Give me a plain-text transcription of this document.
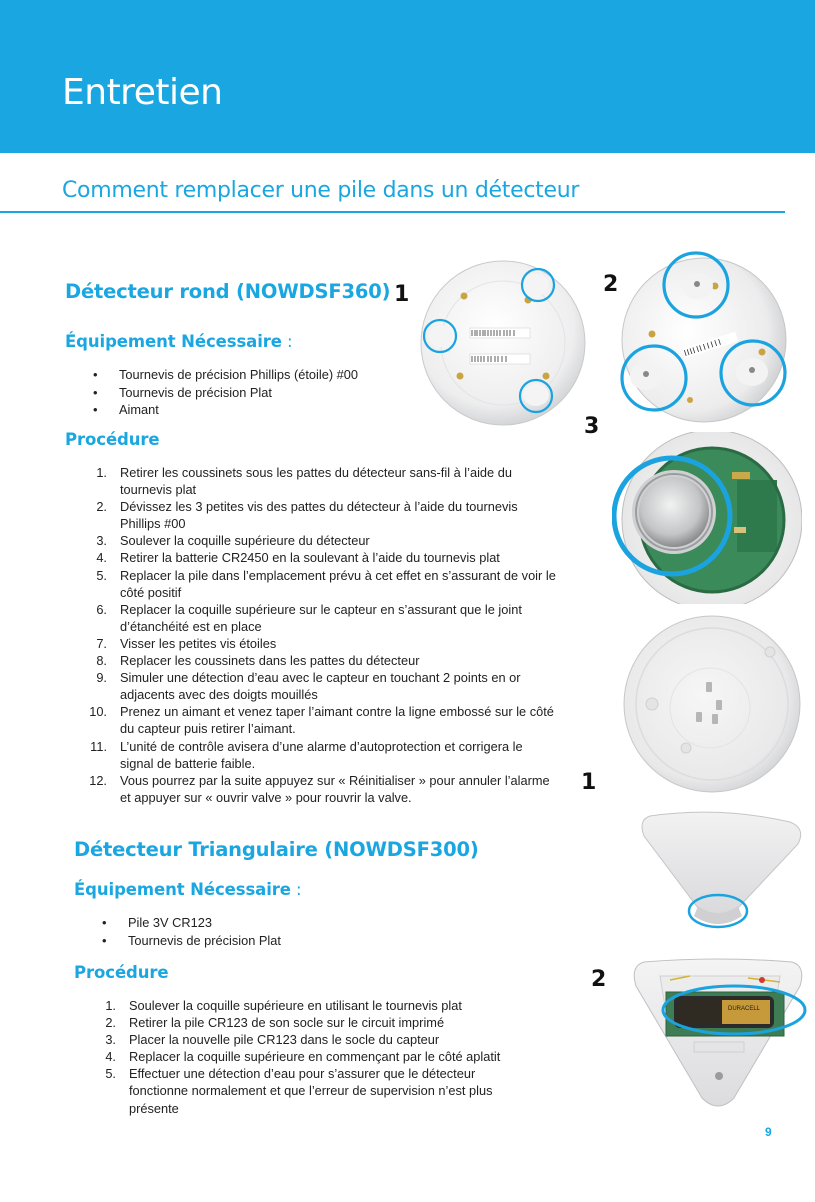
Entretien
Comment remplacer une pile dans un détecteur
Détecteur rond (NOWDSF360)
Équipement Nécessaire :
• Tournevis de précision Phillips (étoile) #00
• Tournevis de précision Plat
• Aimant
Procédure
1. Retirer les coussinets sous les pattes du détecteur sans-fil à l’aide du tournevis plat
2. Dévissez les 3 petites vis des pattes du détecteur à l’aide du tournevis Phillips #00
3. Soulever la coquille supérieure du détecteur
4. Retirer la batterie CR2450 en la soulevant à l’aide du tournevis plat
5. Replacer la pile dans l’emplacement prévu à cet effet en s’assurant de voir le côté positif
6. Replacer la coquille supérieure sur le capteur en s’assurant que le joint d’étanchéité est en place
7. Visser les petites vis étoiles
8. Replacer les coussinets dans les pattes du détecteur
9. Simuler une détection d’eau avec le capteur en touchant 2 points en or adjacents avec des doigts mouillés
10. Prenez un aimant et venez taper l’aimant contre la ligne embossé sur le côté du capteur puis retirer l’aimant.
11. L’unité de contrôle avisera d’une alarme d’autoprotection et corrigera le signal de batterie faible.
12. Vous pourrez par la suite appuyez sur « Réinitialiser » pour annuler l’alarme et appuyer sur « ouvrir valve » pour rouvrir la valve.
Détecteur Triangulaire (NOWDSF300)
Équipement Nécessaire :
• Pile 3V CR123
• Tournevis de précision Plat
Procédure
1. Soulever la coquille supérieure en utilisant le tournevis plat
2. Retirer la pile CR123 de son socle sur le circuit imprimé
3. Placer la nouvelle pile CR123 dans le socle du capteur
4. Replacer la coquille supérieure en commençant par le côté aplatit
5. Effectuer une détection d’eau pour s’assurer que le détecteur fonctionne normalement et que l’erreur de supervision n’est plus présente
1	2
3
1
2
DURACELL
9
